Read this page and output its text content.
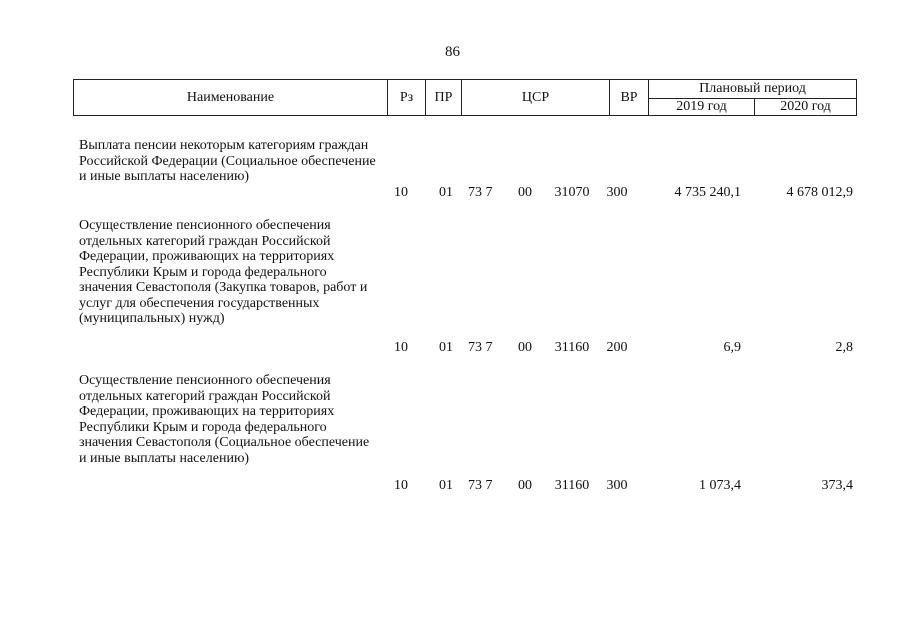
86
Наименование	Рз	ПР	ЦСР	ВР	Плановый период	
					2019 год	2020 год
Выплата пенсии некоторым категориям граждан Российской Федерации (Социальное обеспечение и иные выплаты населению)
10	01	73 7 00	31070	300	4 735 240,1	4 678 012,9
Осуществление пенсионного обеспечения отдельных категорий граждан Российской Федерации, проживающих на территориях Республики Крым и города федерального значения Севастополя (Закупка товаров, работ и услуг для обеспечения государственных (муниципальных) нужд)
10	01	73 7 00	31160	200	6,9	2,8
Осуществление пенсионного обеспечения отдельных категорий граждан Российской Федерации, проживающих на территориях Республики Крым и города федерального значения Севастополя (Социальное обеспечение и иные выплаты населению)
10	01	73 7 00	31160	300	1 073,4	373,4
